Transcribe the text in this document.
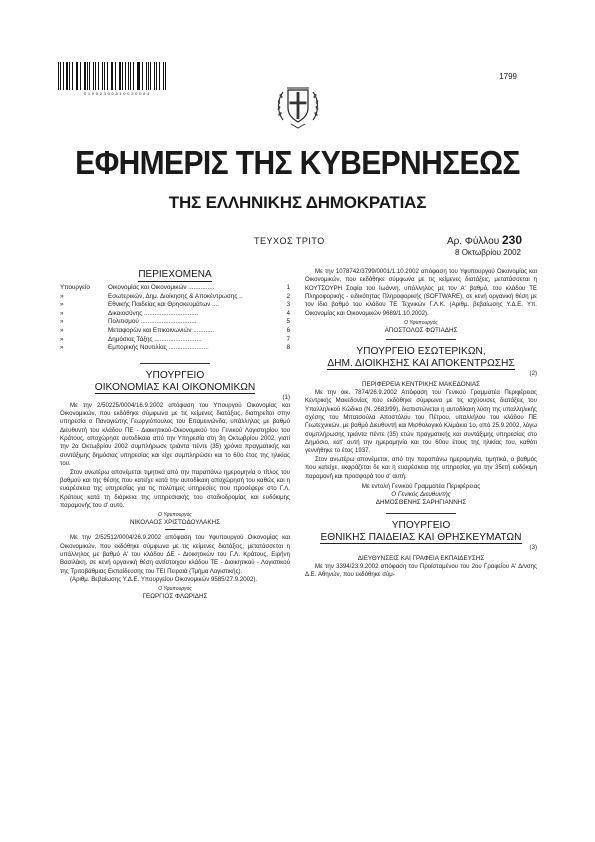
0 1 0 0 2 3 0 0 8 1 0 0 2 0 0 0 4
1799
ΕΦΗΜΕΡΙΣ ΤΗΣ ΚΥΒΕΡΝΗΣΕΩΣ
ΤΗΣ ΕΛΛΗΝΙΚΗΣ ΔΗΜΟΚΡΑΤΙΑΣ
ΤΕΥΧΟΣ ΤΡΙΤΟ	Αρ. Φύλλου 230
8 Οκτωβρίου 2002
ΠΕΡΙΕΧΟΜΕΝΑ
Υπουργείο	Οικονομίας και Οικονομικών ...............	1
»	Εσωτερικών, Δημ. Διοίκησης & Αποκέντρωσης ..	2
»	Εθνικής Παιδείας και Θρησκευμάτων ....	3
»	Δικαιοσύνης ...............................	4
»	Πολιτισμού ................................	5
»	Μεταφορών και Επικοινωνιών ............	6
»	Δημόσιας Τάξης ...........................	7
»	Εμπορικής Ναυτιλίας .......................	8
ΥΠΟΥΡΓΕΙΟ
ΟΙΚΟΝΟΜΙΑΣ ΚΑΙ ΟΙΚΟΝΟΜΙΚΩΝ
(1)

Με την 2/50225/0004/16.9.2002 απόφαση του Υπουργού Οικονομίας και Οικονομικών, που εκδόθηκε σύμφωνα με τις κείμενες διατάξεις, διατηρείται στην υπηρεσία ο Παναγιώτης Γεωργιόπουλος του Επαμεινώνδα, υπάλληλος με βαθμό Διευθυντή του κλάδου ΠΕ - Διοικητικού-Οικονομικού του Γενικού Λογιστηρίου του Κράτους, αποχώρησε αυτοδίκαια από την Υπηρεσία στη 3η Οκτωβρίου 2002, γιατί την 2α Οκτωβρίου 2002 συμπλήρωσε τριάντα πέντε (35) χρόνια πραγματικής και συντάξιμης δημόσιας υπηρεσίας και είχε συμπληρώσει και το 60ο έτος της ηλικίας του.

Στον ανωτέρω απονέμεται τιμητικά από την παραπάνω ημερομηνία ο τίτλος του βαθμού και της θέσης που κατείχε κατά την αυτοδίκαιη αποχώρησή του καθώς και η ευαρέσκεια της υπηρεσίας για τις πολύτιμες υπηρεσίες που προσέφερε στο Γ.Λ. Κράτους κατά τη διάρκεια της υπηρεσιακής του σταδιοδρομίας και ευδόκιμης παραμονής του σ' αυτό.

Ο Υφυπουργός
ΝΙΚΟΛΑΟΣ ΧΡΙΣΤΟΔΟΥΛΑΚΗΣ

Με την 2/52512/0004/26.9.2002 απόφαση του Υφυπουργού Οικονομίας και Οικονομικών, που εκδόθηκε σύμφωνα με τις κείμενες διατάξεις, μετατάσσεται η υπάλληλος με βαθμό Α' του κλάδου ΔΕ - Διοικητικών του Γ.Λ. Κράτους, Ειρήνη Βασιλάκη, σε κενή οργανική θέση αντίστοιχου κλάδου ΤΕ - Διοικητικού - Λογιστικού της Τριτοβάθμιας Εκπαίδευσης του ΤΕΙ Πειραιά (Τμήμα Λογιστικής).

(Αριθμ. Βεβαίωσης Υ.Δ.Ε. Υπουργείου Οικονομικών 9585/27.9.2002).

Ο Υφυπουργός
ΓΕΩΡΓΙΟΣ ΦΛΩΡΙΔΗΣ

Με την 1078742/3799/0001/1.10.2002 απόφαση του Υφυπουργού Οικονομίας και Οικονομικών, που εκδόθηκε σύμφωνα με τις κείμενες διατάξεις, μετατάσσεται η ΚΟΥΤΣΟΥΡΗ Σοφία του Ιωάννη, υπάλληλος με τον Α' βαθμό, του κλάδου ΤΕ Πληροφορικής - ειδικότητας Πληροφορικής (SOFTWARE), σε κενή οργανική θέση με τον ίδιο βαθμό του κλάδου ΤΕ Τεχνικών Γ.Λ.Κ. (Αριθμ. βεβαίωσης Υ.Δ.Ε. Υπ. Οικονομίας και Οικονομικών 9689/1.10.2002).

Ο Υφυπουργός
ΑΠΟΣΤΟΛΟΣ ΦΩΤΙΑΔΗΣ
ΥΠΟΥΡΓΕΙΟ ΕΣΩΤΕΡΙΚΩΝ,
ΔΗΜ. ΔΙΟΙΚΗΣΗΣ ΚΑΙ ΑΠΟΚΕΝΤΡΩΣΗΣ
(2)
ΠΕΡΙΦΕΡΕΙΑ ΚΕΝΤΡΙΚΗΣ ΜΑΚΕΔΟΝΙΑΣ

Με την οικ. 7874/26.9.2002 Απόφαση του Γενικού Γραμματέα Περιφέρειας Κεντρικής Μακεδονίας που εκδόθηκε σύμφωνα με τις ισχύουσες διατάξεις του Υπαλληλικού Κώδικα (Ν. 2683/99), διαπιστώνεται η αυτοδίκαιη λύση της υπαλληλικής σχέσης του Μπατσούλα Αποστόλου του Πέτρου, υπαλλήλου του κλάδου ΠΕ Γεωτεχνικών, με βαθμό Διευθυντή και Μισθολογικό Κλιμάκιο 1ο, από 25.9.2002, λόγω συμπλήρωσης τριάντα πέντε (35) ετών πραγματικής και συντάξιμης υπηρεσίας στο Δημόσιο, κατ' αυτή την ημερομηνία και του 60ου έτους της ηλικίας του, καθότι γεννήθηκε το έτος 1937.

Στον ανωτέρω απονέμεται, από την παραπάνω ημερομηνία, τιμητικά, ο βαθμός που κατείχε, εκφράζεται δε και η ευαρέσκεια της υπηρεσίας για την 35ετή ευδόκιμη παραμονή και προσφορά του σ' αυτή.

Με εντολή Γενικού Γραμματέα Περιφέρειας
Ο Γενικός Διευθυντής
ΔΗΜΟΣΘΕΝΗΣ ΣΑΡΗΓΙΑΝΝΗΣ
ΥΠΟΥΡΓΕΙΟ
ΕΘΝΙΚΗΣ ΠΑΙΔΕΙΑΣ ΚΑΙ ΘΡΗΣΚΕΥΜΑΤΩΝ
(3)
ΔΙΕΥΘΥΝΣΕΙΣ ΚΑΙ ΓΡΑΦΕΙΑ ΕΚΠΑΙΔΕΥΣΗΣ

Με την 3394/23.9.2002 απόφαση του Προϊσταμένου του 2ου Γραφείου Α' Δ/νσης Δ.Ε. Αθηνών, που εκδόθηκε σύμ-
